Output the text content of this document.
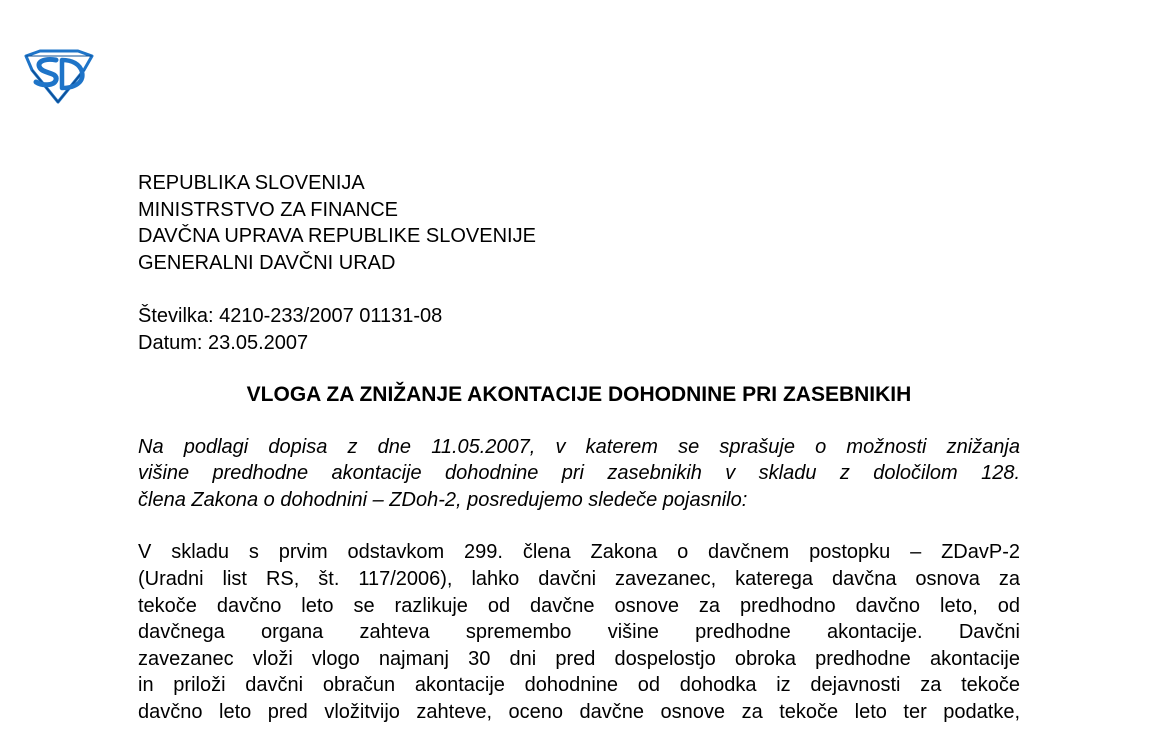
REPUBLIKA SLOVENIJA
MINISTRSTVO ZA FINANCE
DAVČNA UPRAVA REPUBLIKE SLOVENIJE
GENERALNI DAVČNI URAD
Številka: 4210-233/2007 01131-08
Datum: 23.05.2007
VLOGA ZA ZNIŽANJE AKONTACIJE DOHODNINE PRI ZASEBNIKIH
Na podlagi dopisa z dne 11.05.2007, v katerem se sprašuje o možnosti znižanja
višine predhodne akontacije dohodnine pri zasebnikih v skladu z določilom 128.
člena Zakona o dohodnini – ZDoh-2, posredujemo sledeče pojasnilo:
V skladu s prvim odstavkom 299. člena Zakona o davčnem postopku – ZDavP-2
(Uradni list RS, št. 117/2006), lahko davčni zavezanec, katerega davčna osnova za
tekoče davčno leto se razlikuje od davčne osnove za predhodno davčno leto, od
davčnega organa zahteva spremembo višine predhodne akontacije. Davčni
zavezanec vloži vlogo najmanj 30 dni pred dospelostjo obroka predhodne akontacije
in priloži davčni obračun akontacije dohodnine od dohodka iz dejavnosti za tekoče
davčno leto pred vložitvijo zahteve, oceno davčne osnove za tekoče leto ter podatke,
